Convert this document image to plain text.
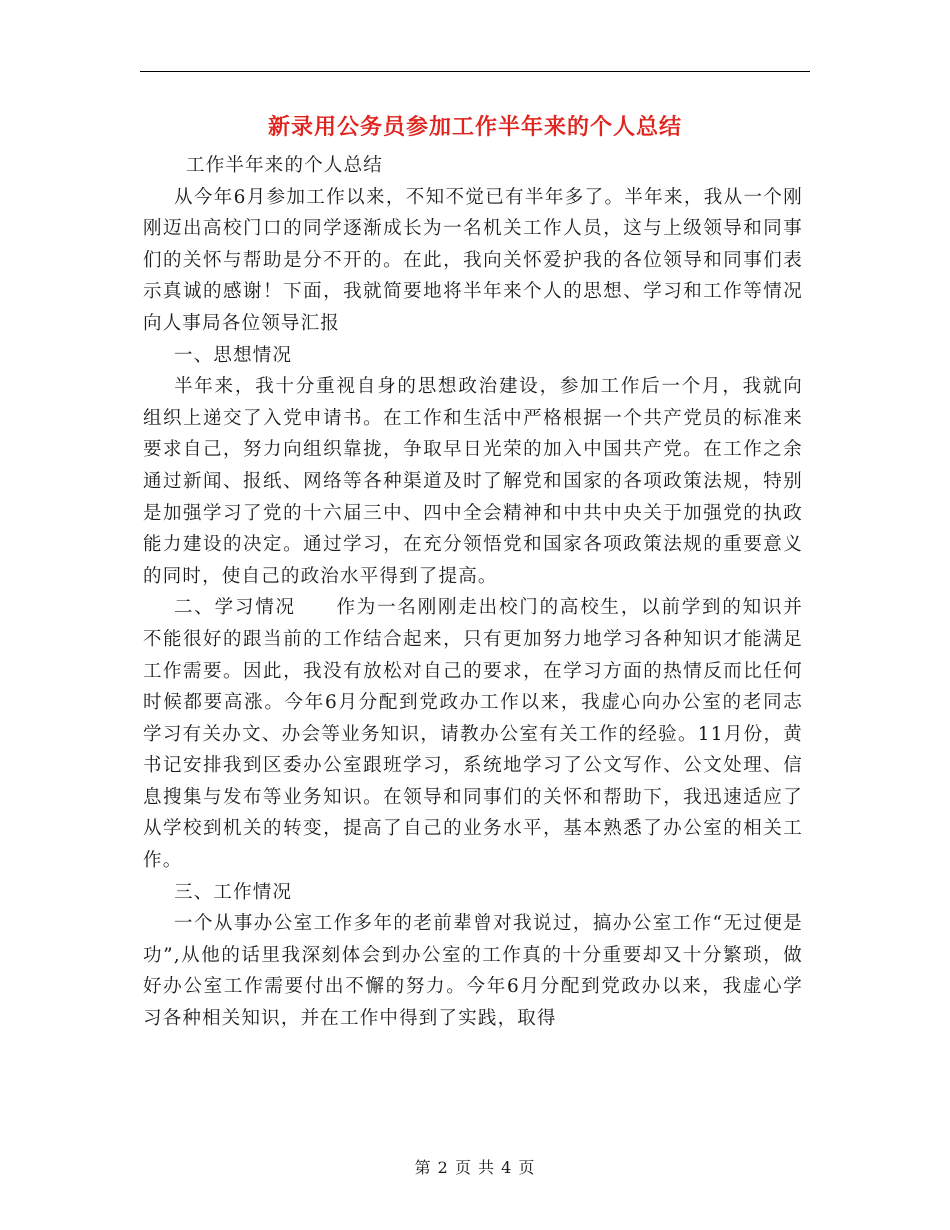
新录用公务员参加工作半年来的个人总结

工作半年来的个人总结

从今年6月参加工作以来，不知不觉已有半年多了。半年来，我从一个刚刚迈出高校门口的同学逐渐成长为一名机关工作人员，这与上级领导和同事们的关怀与帮助是分不开的。在此，我向关怀爱护我的各位领导和同事们表示真诚的感谢！下面，我就简要地将半年来个人的思想、学习和工作等情况向人事局各位领导汇报

一、思想情况

半年来，我十分重视自身的思想政治建设，参加工作后一个月，我就向组织上递交了入党申请书。在工作和生活中严格根据一个共产党员的标准来要求自己，努力向组织靠拢，争取早日光荣的加入中国共产党。在工作之余通过新闻、报纸、网络等各种渠道及时了解党和国家的各项政策法规，特别是加强学习了党的十六届三中、四中全会精神和中共中央关于加强党的执政能力建设的决定。通过学习，在充分领悟党和国家各项政策法规的重要意义的同时，使自己的政治水平得到了提高。

二、学习情况　　作为一名刚刚走出校门的高校生，以前学到的知识并不能很好的跟当前的工作结合起来，只有更加努力地学习各种知识才能满足工作需要。因此，我没有放松对自己的要求，在学习方面的热情反而比任何时候都要高涨。今年6月分配到党政办工作以来，我虚心向办公室的老同志学习有关办文、办会等业务知识，请教办公室有关工作的经验。11月份，黄书记安排我到区委办公室跟班学习，系统地学习了公文写作、公文处理、信息搜集与发布等业务知识。在领导和同事们的关怀和帮助下，我迅速适应了从学校到机关的转变，提高了自己的业务水平，基本熟悉了办公室的相关工作。

三、工作情况

一个从事办公室工作多年的老前辈曾对我说过，搞办公室工作“无过便是功”,从他的话里我深刻体会到办公室的工作真的十分重要却又十分繁琐，做好办公室工作需要付出不懈的努力。今年6月分配到党政办以来，我虚心学习各种相关知识，并在工作中得到了实践，取得

第 2 页 共 4 页
